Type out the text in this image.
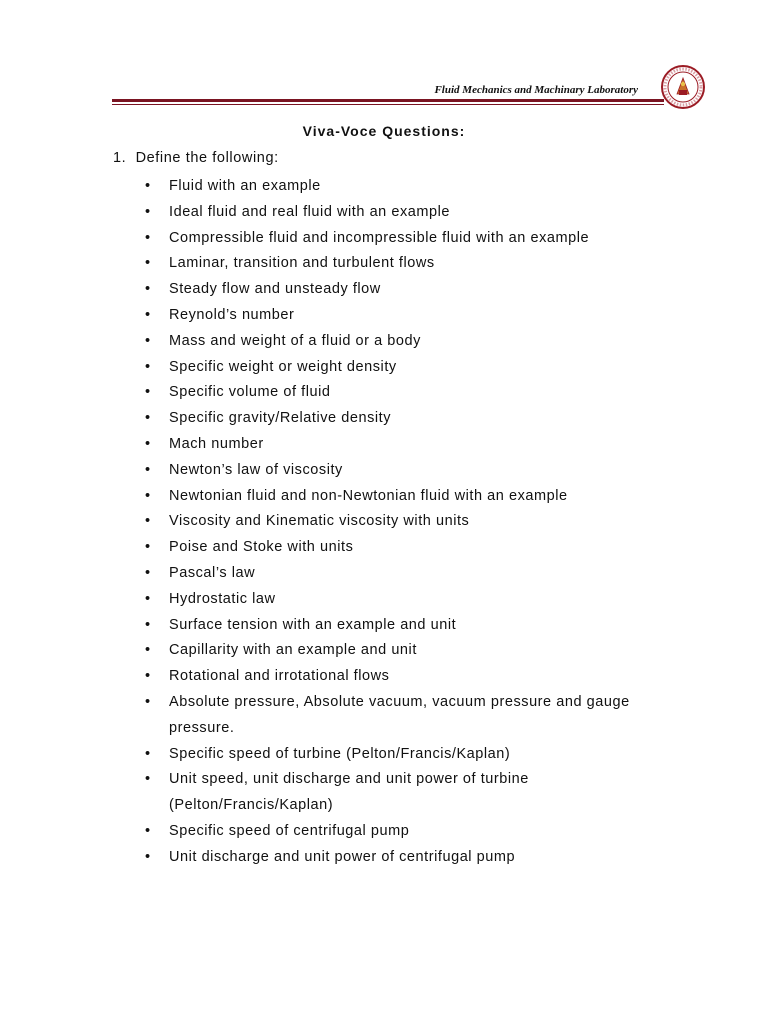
Fluid Mechanics and Machinary Laboratory
Viva-Voce Questions:
1. Define the following:
• Fluid with an example
• Ideal fluid and real fluid with an example
• Compressible fluid and incompressible fluid with an example
• Laminar, transition and turbulent flows
• Steady flow and unsteady flow
• Reynold’s number
• Mass and weight of a fluid or a body
• Specific weight or weight density
• Specific volume of fluid
• Specific gravity/Relative density
• Mach number
• Newton’s law of viscosity
• Newtonian fluid and non-Newtonian fluid with an example
• Viscosity and Kinematic viscosity with units
• Poise and Stoke with units
• Pascal’s law
• Hydrostatic law
• Surface tension with an example and unit
• Capillarity with an example and unit
• Rotational and irrotational flows
• Absolute pressure, Absolute vacuum, vacuum pressure and gauge
pressure.
• Specific speed of turbine (Pelton/Francis/Kaplan)
• Unit speed, unit discharge and unit power of turbine
(Pelton/Francis/Kaplan)
• Specific speed of centrifugal pump
• Unit discharge and unit power of centrifugal pump
